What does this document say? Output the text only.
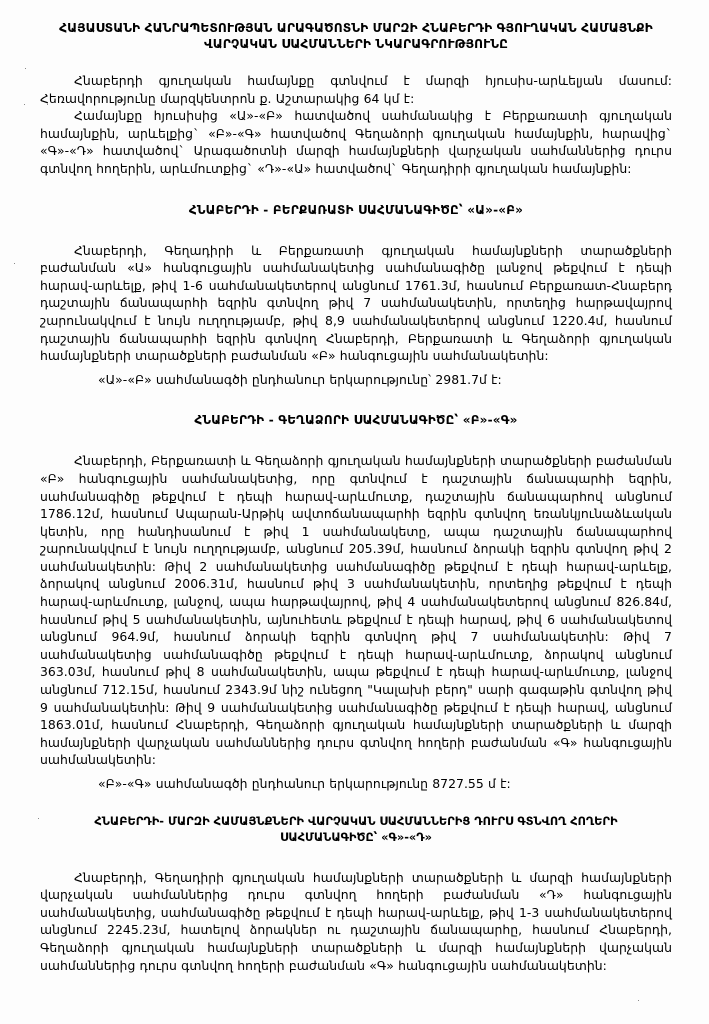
ՀԱՅԱՍՏԱՆԻ ՀԱՆՐԱՊԵՏՈՒԹՅԱՆ ԱՐԱԳԱԾՈՏՆԻ ՄԱՐԶԻ ՀՆԱԲԵՐԴԻ ԳՅՈՒՂԱԿԱՆ ՀԱՄԱՅՆՔԻ
ՎԱՐՉԱԿԱՆ ՍԱՀՄԱՆՆԵՐԻ ՆԿԱՐԱԳՐՈՒԹՅՈՒՆԸ

Հնաբերդի գյուղական համայնքը գտնվում է մարզի հյուսիս-արևելյան մասում: Հեռավորությունը մարզկենտրոն ք. Աշտարակից 64 կմ է:

Համայնքը հյուսիսից «Ա»-«Բ» հատվածով սահմանակից է Բերքառատի գյուղական համայնքին, արևելքից` «Բ»-«Գ» հատվածով Գեղաձորի գյուղական համայնքին, հարավից` «Գ»-«Դ» հատվածով` Արագածոտնի մարզի համայնքների վարչական սահմաններից դուրս գտնվող հողերին, արևմուտքից` «Դ»-«Ա» հատվածով` Գեղադիրի գյուղական համայնքին:

ՀՆԱԲԵՐԴԻ - ԲԵՐՔԱՌԱՏԻ ՍԱՀՄԱՆԱԳԻԾԸ՝ «Ա»-«Բ»

Հնաբերդի, Գեղադիրի և Բերքառատի գյուղական համայնքների տարածքների բաժանման «Ա» հանգուցային սահմանակետից սահմանագիծը լանջով թեքվում է դեպի հարավ-արևելք, թիվ 1-6 սահմանակետերով անցնում 1761.3մ, հասնում Բերքառատ-Հնաբերդ դաշտային ճանապարհի եզրին գտնվող թիվ 7 սահմանակետին, որտեղից հարթավայրով շարունակվում է նույն ուղղությամբ, թիվ 8,9 սահմանակետերով անցնում 1220.4մ, հասնում դաշտային ճանապարհի եզրին գտնվող Հնաբերդի, Բերքառատի և Գեղաձորի գյուղական համայնքների տարածքների բաժանման «Բ» հանգուցային սահմանակետին:

«Ա»-«Բ» սահմանագծի ընդհանուր երկարությունը՝ 2981.7մ է:

ՀՆԱԲԵՐԴԻ - ԳԵՂԱՁՈՐԻ ՍԱՀՄԱՆԱԳԻԾԸ՝ «Բ»-«Գ»

Հնաբերդի, Բերքառատի և Գեղաձորի գյուղական համայնքների տարածքների բաժանման «Բ» հանգուցային սահմանակետից, որը գտնվում է դաշտային ճանապարհի եզրին, սահմանագիծը թեքվում է դեպի հարավ-արևմուտք, դաշտային ճանապարհով անցնում 1786.12մ, հասնում Ապարան-Արթիկ ավտոճանապարհի եզրին գտնվող եռանկյունաձևական կետին, որը հանդիսանում է թիվ 1 սահմանակետը, ապա դաշտային ճանապարհով շարունակվում է նույն ուղղությամբ, անցնում 205.39մ, հասնում ձորակի եզրին գտնվող թիվ 2 սահմանակետին: Թիվ 2 սահմանակետից սահմանագիծը թեքվում է դեպի հարավ-արևելք, ձորակով անցնում 2006.31մ, հասնում թիվ 3 սահմանակետին, որտեղից թեքվում է դեպի հարավ-արևմուտք, լանջով, ապա հարթավայրով, թիվ 4 սահմանակետերով անցնում 826.84մ, հասնում թիվ 5 սահմանակետին, այնուհետև թեքվում է դեպի հարավ, թիվ 6 սահմանակետով անցնում 964.9մ, հասնում ձորակի եզրին գտնվող թիվ 7 սահմանակետին: Թիվ 7 սահմանակետից սահմանագիծը թեքվում է դեպի հարավ-արևմուտք, ձորակով անցնում 363.03մ, հասնում թիվ 8 սահմանակետին, ապա թեքվում է դեպի հարավ-արևմուտք, լանջով անցնում 712.15մ, հասնում 2343.9մ նիշ ունեցող "Կալախի բերդ" սարի գագաթին գտնվող թիվ 9 սահմանակետին: Թիվ 9 սահմանակետից սահմանագիծը թեքվում է դեպի հարավ, անցնում 1863.01մ, հասնում Հնաբերդի, Գեղաձորի գյուղական համայնքների տարածքների և մարզի համայնքների վարչական սահմաններից դուրս գտնվող հողերի բաժանման «Գ» հանգուցային սահմանակետին:

«Բ»-«Գ» սահմանագծի ընդհանուր երկարությունը 8727.55 մ է:

ՀՆԱԲԵՐԴԻ- ՄԱՐԶԻ ՀԱՄԱՅՆՔՆԵՐԻ ՎԱՐՉԱԿԱՆ ՍԱՀՄԱՆՆԵՐԻՑ ԴՈՒՐՍ ԳՏՆՎՈՂ ՀՈՂԵՐԻ
ՍԱՀՄԱՆԱԳԻԾԸ՝ «Գ»-«Դ»

Հնաբերդի, Գեղադիրի գյուղական համայնքների տարածքների և մարզի համայնքների վարչական սահմաններից դուրս գտնվող հողերի բաժանման «Դ» հանգուցային սահմանակետից, սահմանագիծը թեքվում է դեպի հարավ-արևելք, թիվ 1-3 սահմանակետերով անցնում 2245.23մ, հատելով ձորակներ ու դաշտային ճանապարհը, հասնում Հնաբերդի, Գեղաձորի գյուղական համայնքների տարածքների և մարզի համայնքների վարչական սահմաններից դուրս գտնվող հողերի բաժանման «Գ» հանգուցային սահմանակետին:
